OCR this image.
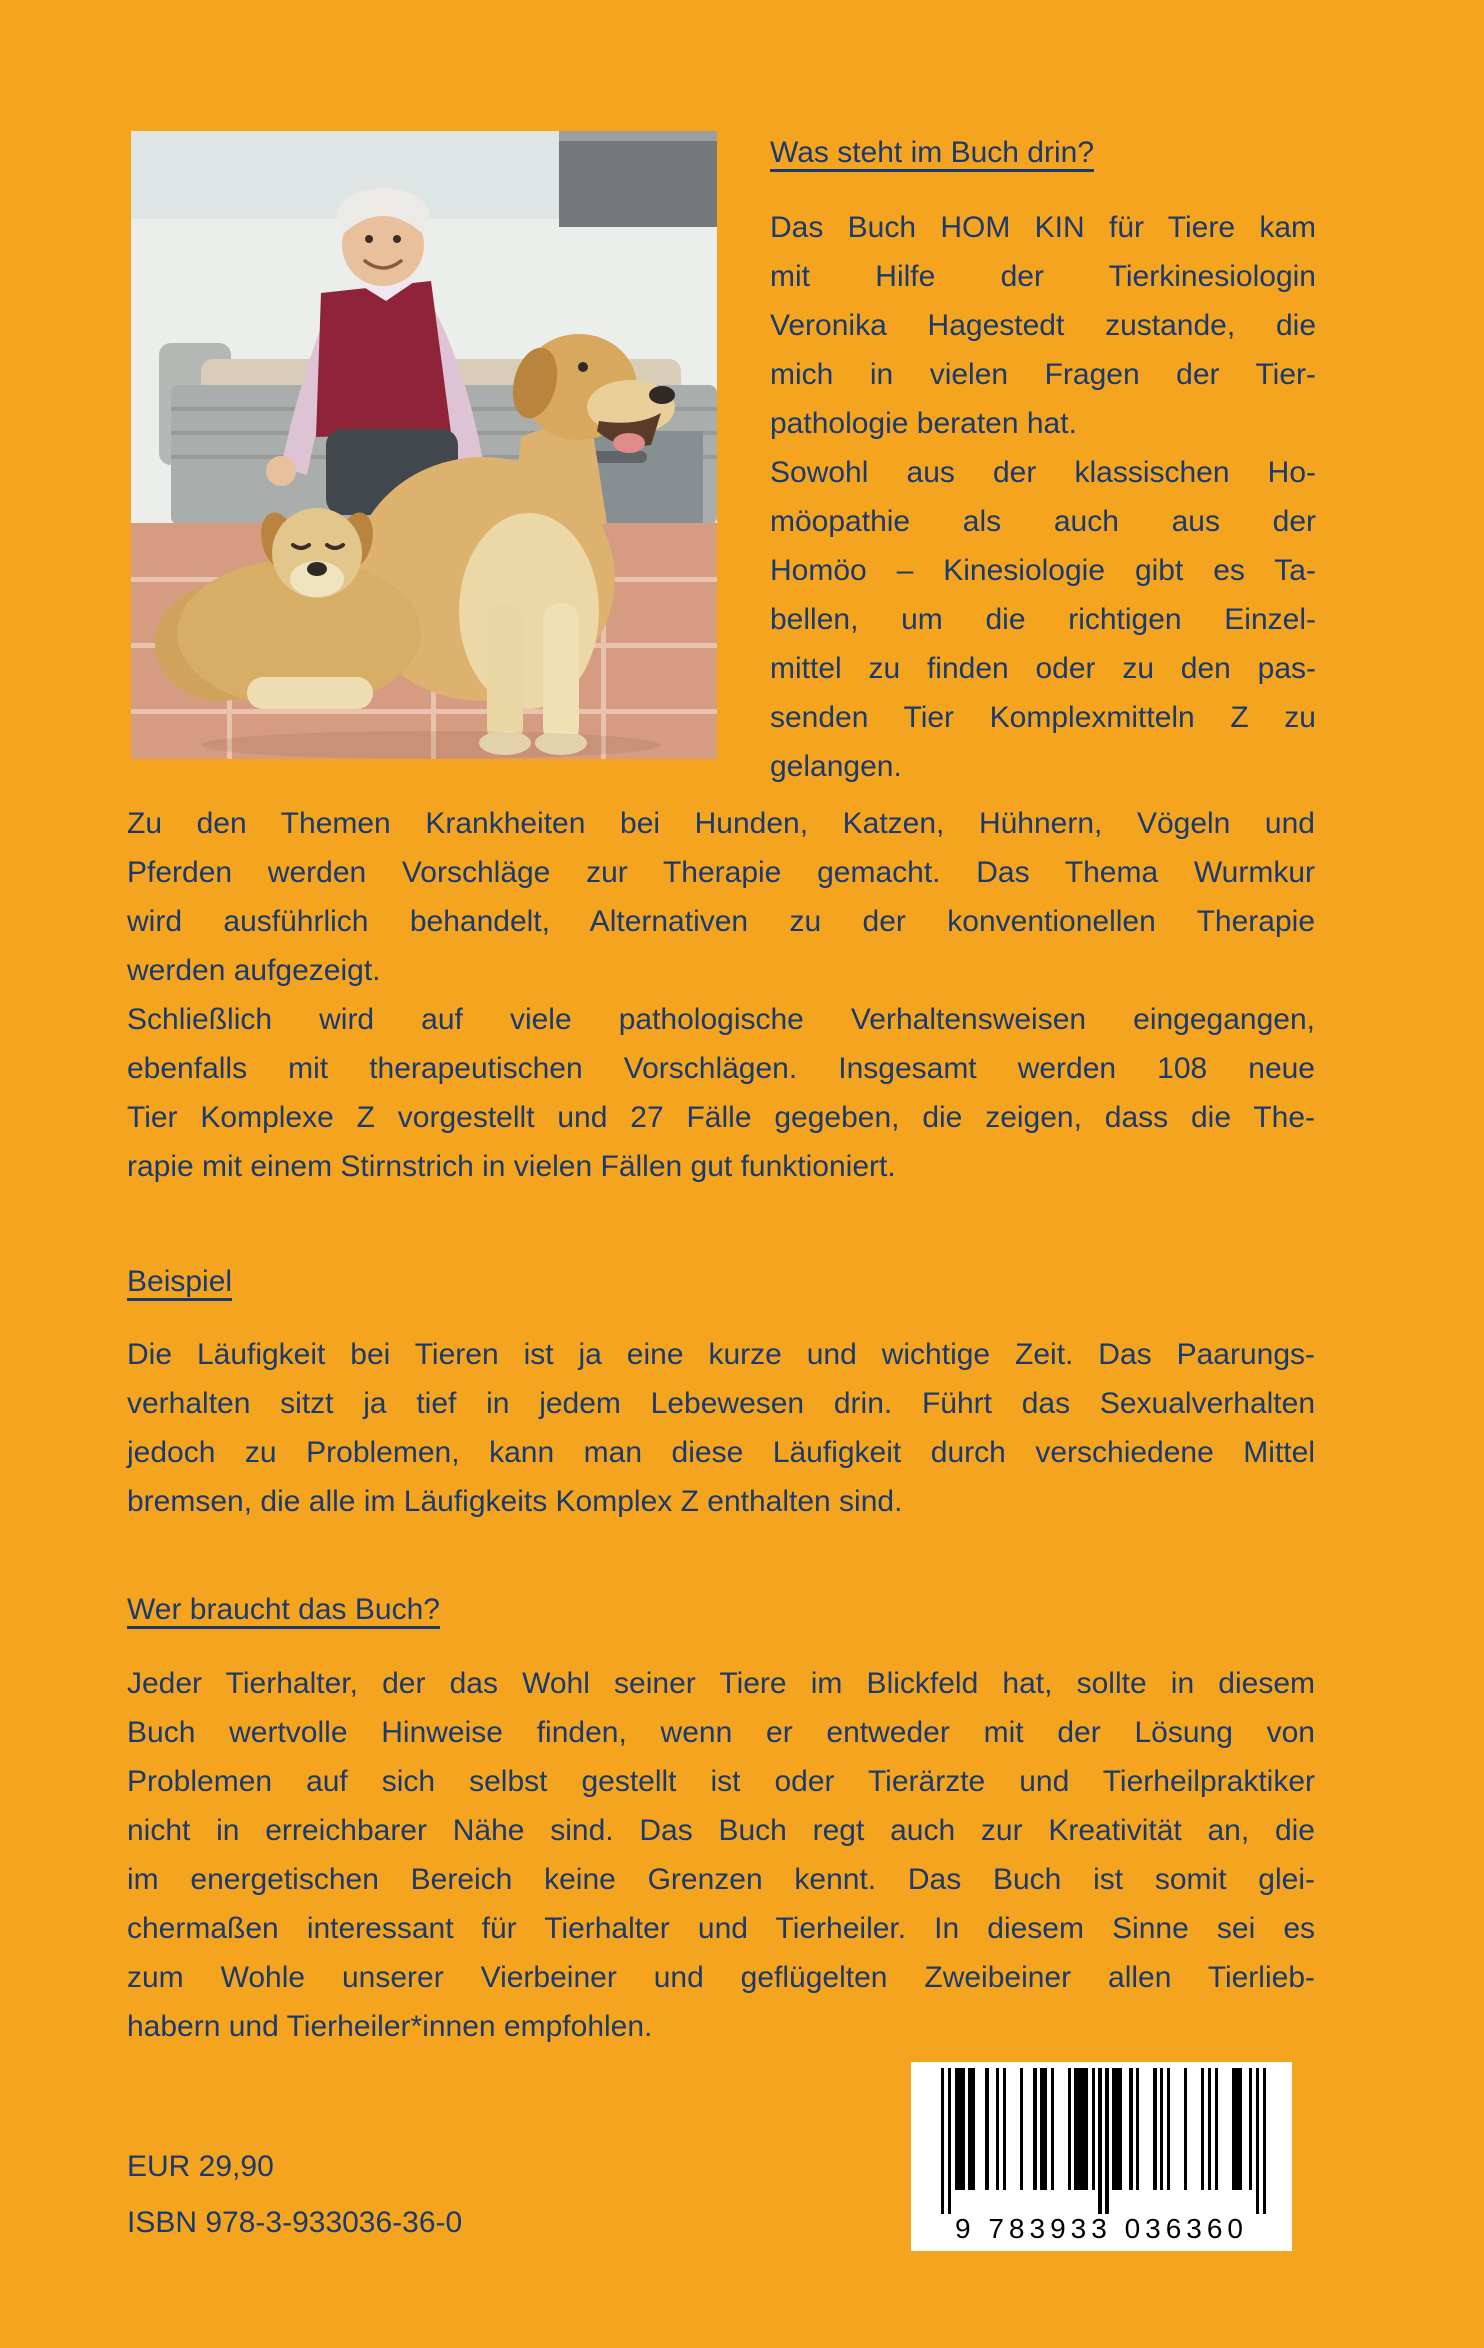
Was steht im Buch drin?
Das Buch HOM KIN für Tiere kam
mit Hilfe der Tierkinesiologin
Veronika Hagestedt zustande, die
mich in vielen Fragen der Tier-
pathologie beraten hat.
Sowohl aus der klassischen Ho-
möopathie als auch aus der
Homöo – Kinesiologie gibt es Ta-
bellen, um die richtigen Einzel-
mittel zu finden oder zu den pas-
senden Tier Komplexmitteln Z zu
gelangen.
Zu den Themen Krankheiten bei Hunden, Katzen, Hühnern, Vögeln und
Pferden werden Vorschläge zur Therapie gemacht. Das Thema Wurmkur
wird ausführlich behandelt, Alternativen zu der konventionellen Therapie
werden aufgezeigt.
Schließlich wird auf viele pathologische Verhaltensweisen eingegangen,
ebenfalls mit therapeutischen Vorschlägen. Insgesamt werden 108 neue
Tier Komplexe Z vorgestellt und 27 Fälle gegeben, die zeigen, dass die The-
rapie mit einem Stirnstrich in vielen Fällen gut funktioniert.
Beispiel
Die Läufigkeit bei Tieren ist ja eine kurze und wichtige Zeit. Das Paarungs-
verhalten sitzt ja tief in jedem Lebewesen drin. Führt das Sexualverhalten
jedoch zu Problemen, kann man diese Läufigkeit durch verschiedene Mittel
bremsen, die alle im Läufigkeits Komplex Z enthalten sind.
Wer braucht das Buch?
Jeder Tierhalter, der das Wohl seiner Tiere im Blickfeld hat, sollte in diesem
Buch wertvolle Hinweise finden, wenn er entweder mit der Lösung von
Problemen auf sich selbst gestellt ist oder Tierärzte und Tierheilpraktiker
nicht in erreichbarer Nähe sind. Das Buch regt auch zur Kreativität an, die
im energetischen Bereich keine Grenzen kennt. Das Buch ist somit glei-
chermaßen interessant für Tierhalter und Tierheiler. In diesem Sinne sei es
zum Wohle unserer Vierbeiner und geflügelten Zweibeiner allen Tierlieb-
habern und Tierheiler*innen empfohlen.
EUR 29,90
ISBN 978-3-933036-36-0	9 783933 036360
